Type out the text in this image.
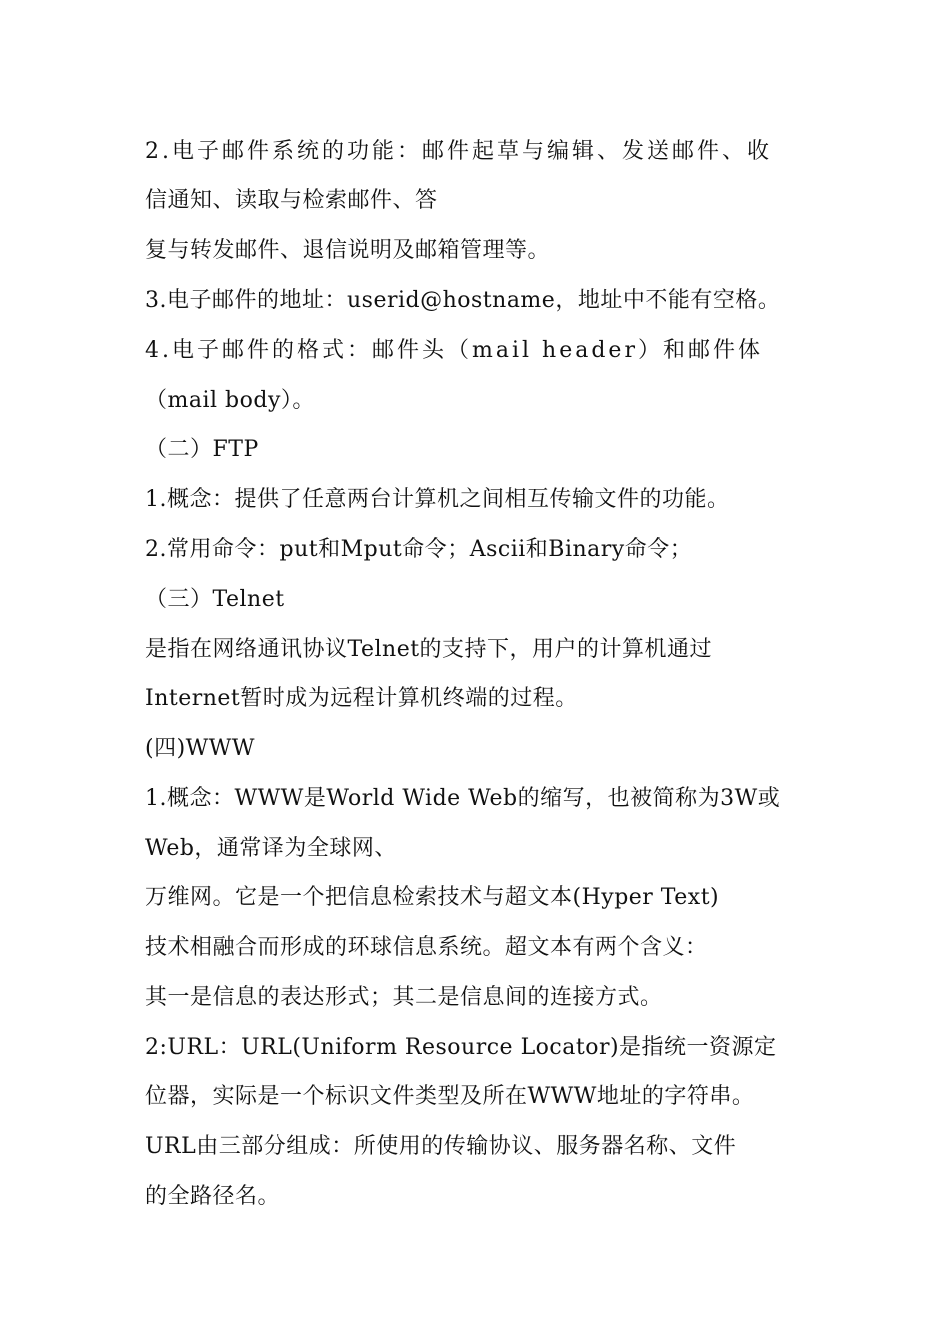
2.电子邮件系统的功能：邮件起草与编辑、发送邮件、收
信通知、读取与检索邮件、答
复与转发邮件、退信说明及邮箱管理等。
3.电子邮件的地址：userid@hostname，地址中不能有空格。
4.电子邮件的格式：邮件头（mail header）和邮件体
（mail body）。
（二）FTP
1.概念：提供了任意两台计算机之间相互传输文件的功能。
2.常用命令：put和Mput命令；Ascii和Binary命令；
（三）Telnet
是指在网络通讯协议Telnet的支持下，用户的计算机通过
Internet暂时成为远程计算机终端的过程。
(四)WWW
1.概念：WWW是World Wide Web的缩写，也被简称为3W或
Web，通常译为全球网、
万维网。它是一个把信息检索技术与超文本(Hyper Text)
技术相融合而形成的环球信息系统。超文本有两个含义：
其一是信息的表达形式；其二是信息间的连接方式。
2:URL：URL(Uniform Resource Locator)是指统一资源定
位器，实际是一个标识文件类型及所在WWW地址的字符串。
URL由三部分组成：所使用的传输协议、服务器名称、文件
的全路径名。
